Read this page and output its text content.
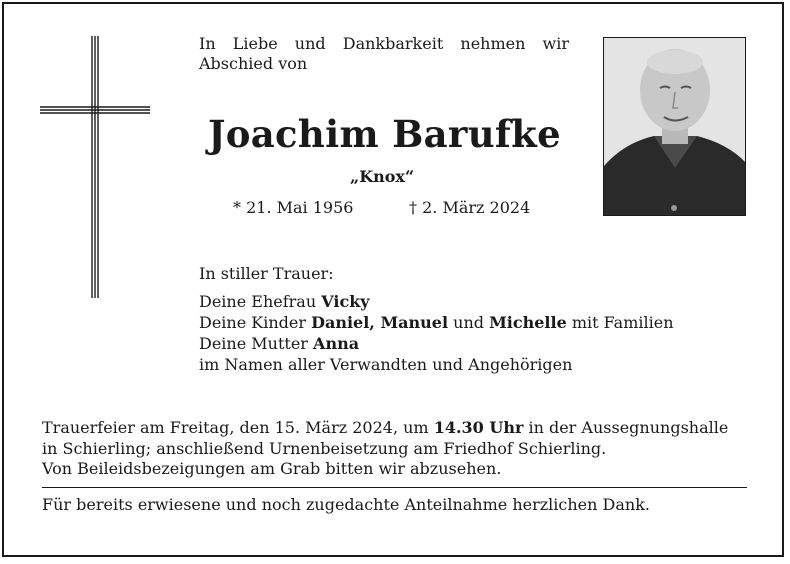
In Liebe und Dankbarkeit nehmen wir Abschied von
Joachim Barufke
„Knox“
* 21. Mai 1956	† 2. März 2024
In stiller Trauer:
Deine Ehefrau Vicky
Deine Kinder Daniel, Manuel und Michelle mit Familien
Deine Mutter Anna
im Namen aller Verwandten und Angehörigen
Trauerfeier am Freitag, den 15. März 2024, um 14.30 Uhr in der Aussegnungshalle
in Schierling; anschließend Urnenbeisetzung am Friedhof Schierling.
Von Beileidsbezeigungen am Grab bitten wir abzusehen.
Für bereits erwiesene und noch zugedachte Anteilnahme herzlichen Dank.
